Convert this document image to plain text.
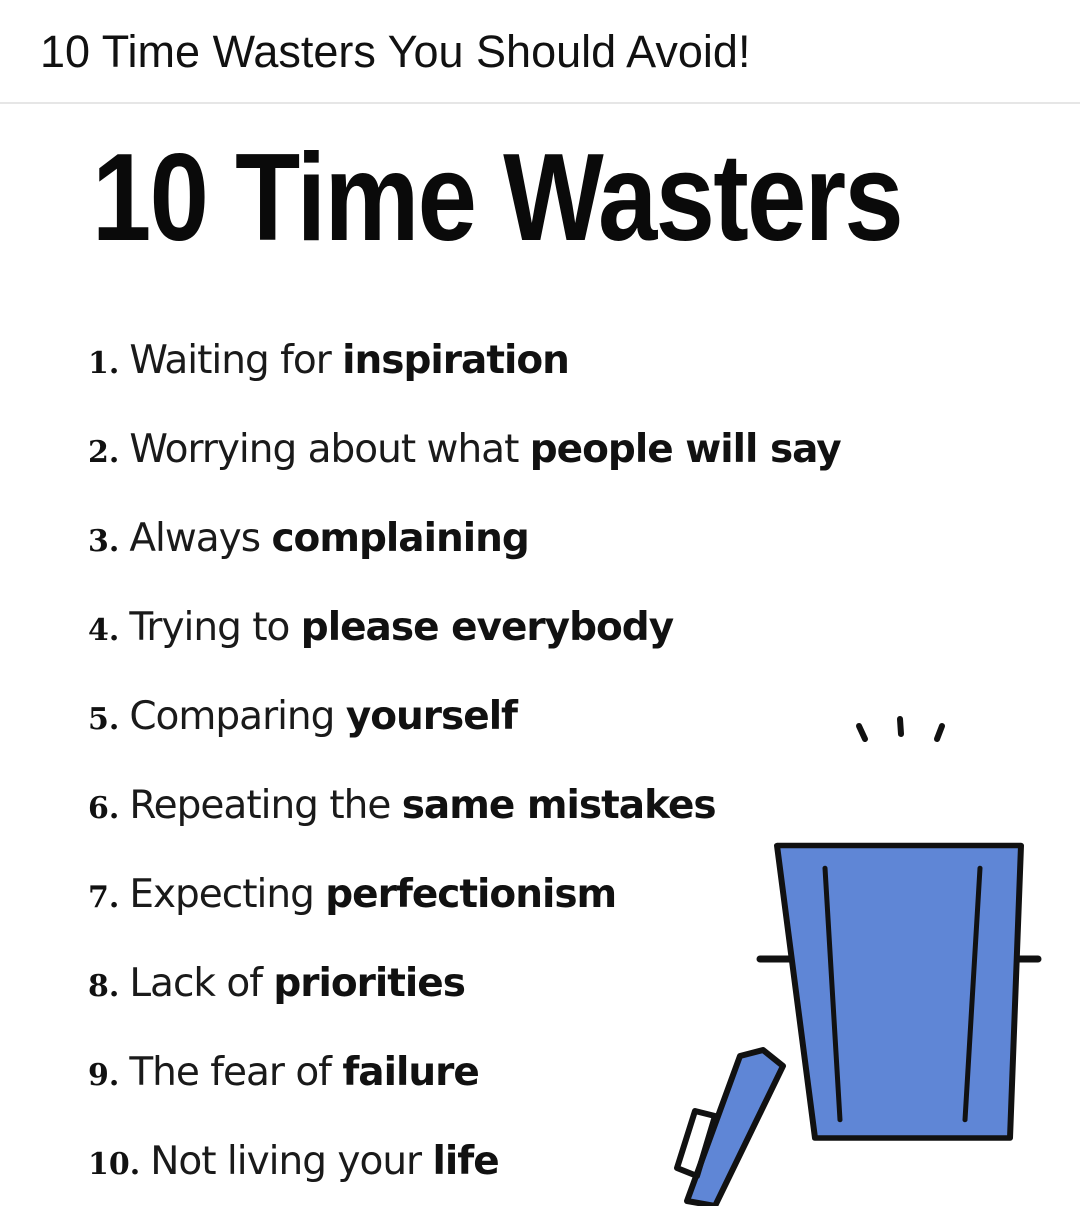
10 Time Wasters You Should Avoid!
10 Time Wasters
1. Waiting for inspiration
2. Worrying about what people will say
3. Always complaining
4. Trying to please everybody
5. Comparing yourself
6. Repeating the same mistakes
7. Expecting perfectionism
8. Lack of priorities
9. The fear of failure
10. Not living your life
